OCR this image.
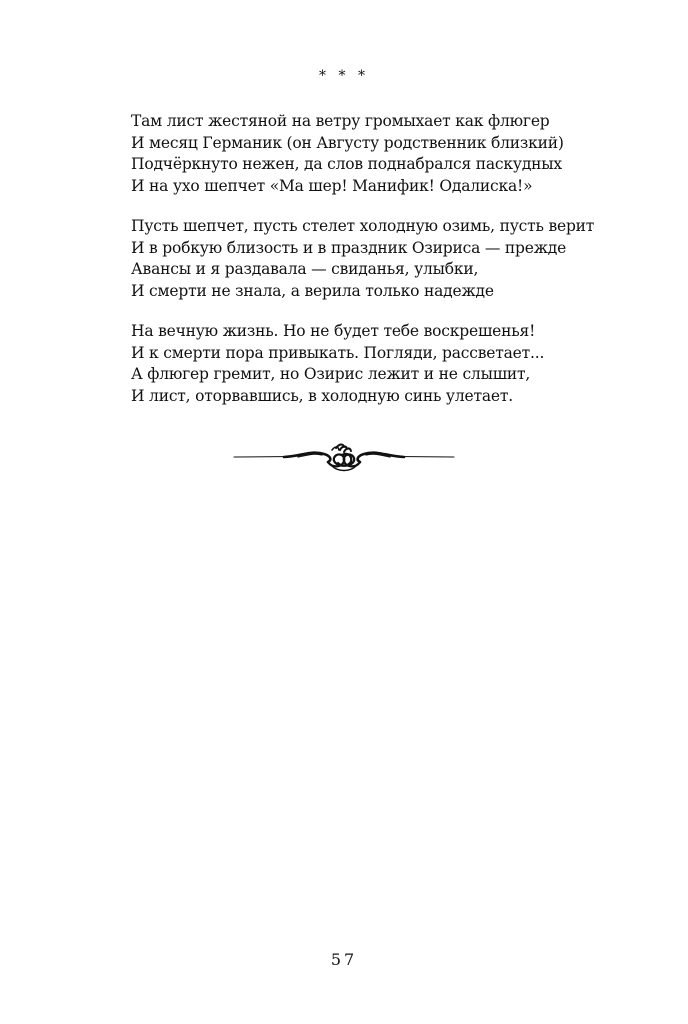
* * *
Там лист жестяной на ветру громыхает как флюгер
И месяц Германик (он Августу родственник близкий)
Подчёркнуто нежен, да слов поднабрался паскудных
И на ухо шепчет «Ма шер! Манифик! Одалиска!»
Пусть шепчет, пусть стелет холодную озимь, пусть верит
И в робкую близость и в праздник Озириса — прежде
Авансы и я раздавала — свиданья, улыбки,
И смерти не знала, а верила только надежде
На вечную жизнь. Но не будет тебе воскрешенья!
И к смерти пора привыкать. Погляди, рассветает...
А флюгер гремит, но Озирис лежит и не слышит,
И лист, оторвавшись, в холодную синь улетает.
57
